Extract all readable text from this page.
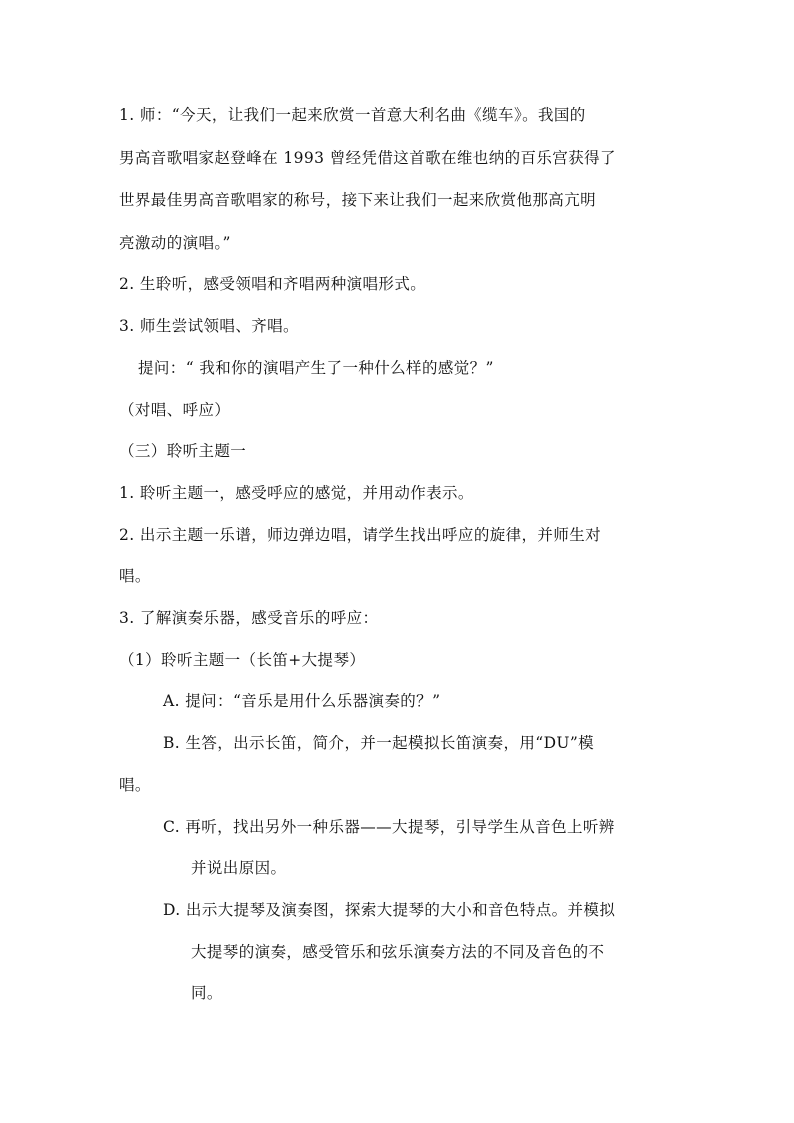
1. 师：“今天，让我们一起来欣赏一首意大利名曲《缆车》。我国的
男高音歌唱家赵登峰在 1993 曾经凭借这首歌在维也纳的百乐宫获得了
世界最佳男高音歌唱家的称号，接下来让我们一起来欣赏他那高亢明
亮激动的演唱。”
2. 生聆听，感受领唱和齐唱两种演唱形式。
3. 师生尝试领唱、齐唱。
提问：“ 我和你的演唱产生了一种什么样的感觉？”
（对唱、呼应）
（三）聆听主题一
1. 聆听主题一，感受呼应的感觉，并用动作表示。
2. 出示主题一乐谱，师边弹边唱，请学生找出呼应的旋律，并师生对
唱。
3. 了解演奏乐器，感受音乐的呼应：
（1）聆听主题一（长笛+大提琴）
A. 提问：“音乐是用什么乐器演奏的？”
B. 生答，出示长笛，简介，并一起模拟长笛演奏，用“DU”模
唱。
C. 再听，找出另外一种乐器——大提琴，引导学生从音色上听辨
并说出原因。
D. 出示大提琴及演奏图，探索大提琴的大小和音色特点。并模拟
大提琴的演奏，感受管乐和弦乐演奏方法的不同及音色的不
同。
